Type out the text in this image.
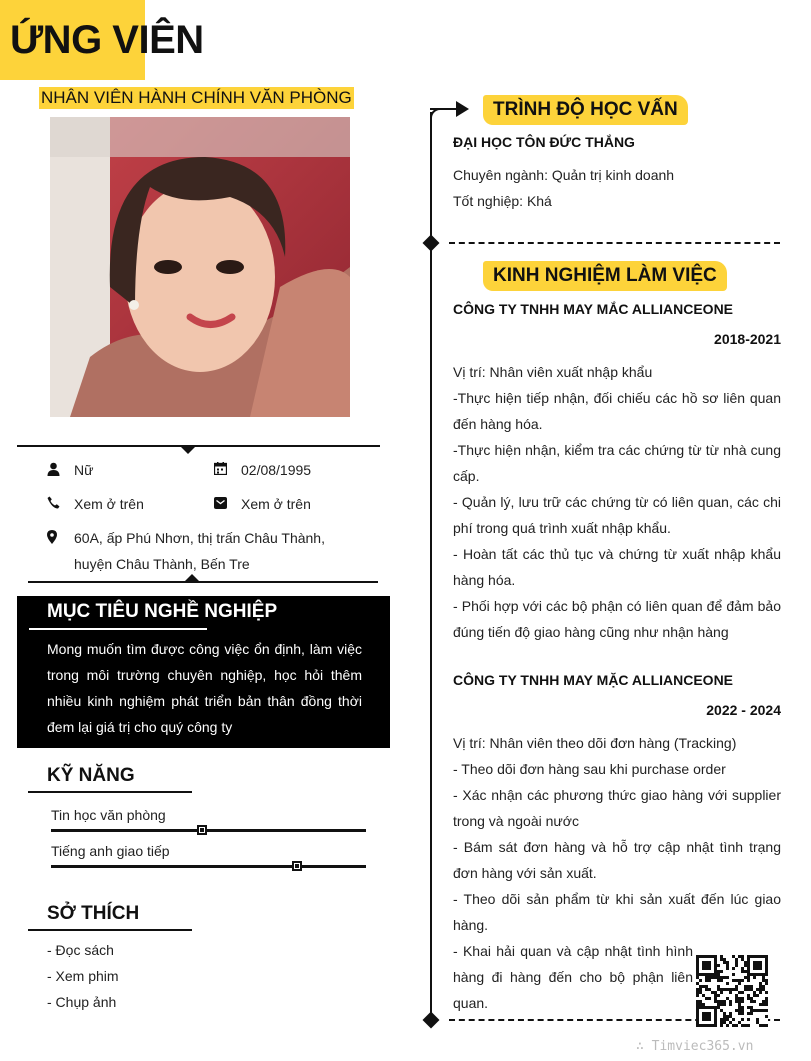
ỨNG VIÊN
NHÂN VIÊN HÀNH CHÍNH VĂN PHÒNG
Nữ	02/08/1995
Xem ở trên	Xem ở trên
60A, ấp Phú Nhơn, thị trấn Châu Thành,
huyện Châu Thành, Bến Tre
MỤC TIÊU NGHỀ NGHIỆP
Mong muốn tìm được công việc ổn định, làm việc trong môi trường chuyên nghiệp, học hỏi thêm nhiều kinh nghiệm phát triển bản thân đồng thời đem lại giá trị cho quý công ty
KỸ NĂNG
Tin học văn phòng
Tiếng anh giao tiếp
SỞ THÍCH
- Đọc sách
- Xem phim
- Chụp ảnh
TRÌNH ĐỘ HỌC VẤN
ĐẠI HỌC TÔN ĐỨC THẮNG
Chuyên ngành: Quản trị kinh doanh
Tốt nghiệp: Khá
KINH NGHIỆM LÀM VIỆC
CÔNG TY TNHH MAY MẮC ALLIANCEONE
2018-2021
Vị trí: Nhân viên xuất nhập khẩu
-Thực hiện tiếp nhận, đối chiếu các hồ sơ liên quan đến hàng hóa.
-Thực hiện nhận, kiểm tra các chứng từ từ nhà cung cấp.
- Quản lý, lưu trữ các chứng từ có liên quan, các chi phí trong quá trình xuất nhập khẩu.
- Hoàn tất các thủ tục và chứng từ xuất nhập khẩu hàng hóa.
- Phối hợp với các bộ phận có liên quan để đảm bảo đúng tiến độ giao hàng cũng như nhận hàng
CÔNG TY TNHH MAY MẶC ALLIANCEONE
2022 - 2024
Vị trí: Nhân viên theo dõi đơn hàng (Tracking)
- Theo dõi đơn hàng sau khi purchase order
- Xác nhận các phương thức giao hàng với supplier trong và ngoài nước
- Bám sát đơn hàng và hỗ trợ cập nhật tình trạng đơn hàng với sản xuất.
- Theo dõi sản phẩm từ khi sản xuất đến lúc giao hàng.
- Khai hải quan và cập nhật tình hình hàng đi hàng đến cho bộ phận liên quan.
∴ Timviec365.vn
